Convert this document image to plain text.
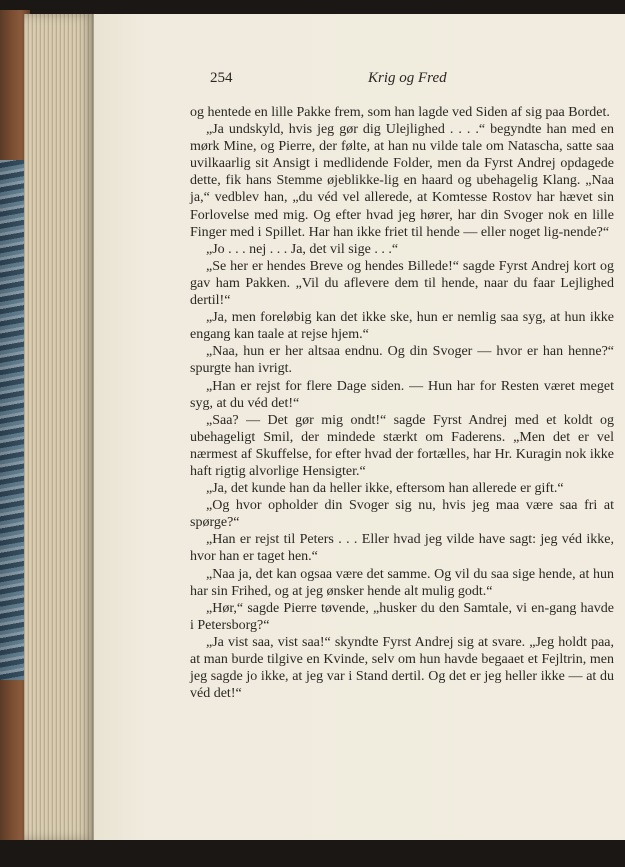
254	Krig og Fred

og hentede en lille Pakke frem, som han lagde ved Siden af sig paa Bordet.

„Ja undskyld, hvis jeg gør dig Ulejlighed . . . .“ begyndte han med en mørk Mine, og Pierre, der følte, at han nu vilde tale om Natascha, satte saa uvilkaarlig sit Ansigt i medlidende Folder, men da Fyrst Andrej opdagede dette, fik hans Stemme øjeblikke-lig en haard og ubehagelig Klang. „Naa ja,“ vedblev han, „du véd vel allerede, at Komtesse Rostov har hævet sin Forlovelse med mig. Og efter hvad jeg hører, har din Svoger nok en lille Finger med i Spillet. Har han ikke friet til hende — eller noget lig-nende?“

„Jo . . . nej . . . Ja, det vil sige . . .“

„Se her er hendes Breve og hendes Billede!“ sagde Fyrst Andrej kort og gav ham Pakken. „Vil du aflevere dem til hende, naar du faar Lejlighed dertil!“

„Ja, men foreløbig kan det ikke ske, hun er nemlig saa syg, at hun ikke engang kan taale at rejse hjem.“

„Naa, hun er her altsaa endnu. Og din Svoger — hvor er han henne?“ spurgte han ivrigt.

„Han er rejst for flere Dage siden. — Hun har for Resten været meget syg, at du véd det!“

„Saa? — Det gør mig ondt!“ sagde Fyrst Andrej med et koldt og ubehageligt Smil, der mindede stærkt om Faderens. „Men det er vel nærmest af Skuffelse, for efter hvad der fortælles, har Hr. Kuragin nok ikke haft rigtig alvorlige Hensigter.“

„Ja, det kunde han da heller ikke, eftersom han allerede er gift.“

„Og hvor opholder din Svoger sig nu, hvis jeg maa være saa fri at spørge?“

„Han er rejst til Peters . . . Eller hvad jeg vilde have sagt: jeg véd ikke, hvor han er taget hen.“

„Naa ja, det kan ogsaa være det samme. Og vil du saa sige hende, at hun har sin Frihed, og at jeg ønsker hende alt mulig godt.“

„Hør,“ sagde Pierre tøvende, „husker du den Samtale, vi en-gang havde i Petersborg?“

„Ja vist saa, vist saa!“ skyndte Fyrst Andrej sig at svare. „Jeg holdt paa, at man burde tilgive en Kvinde, selv om hun havde begaaet et Fejltrin, men jeg sagde jo ikke, at jeg var i Stand dertil. Og det er jeg heller ikke — at du véd det!“
